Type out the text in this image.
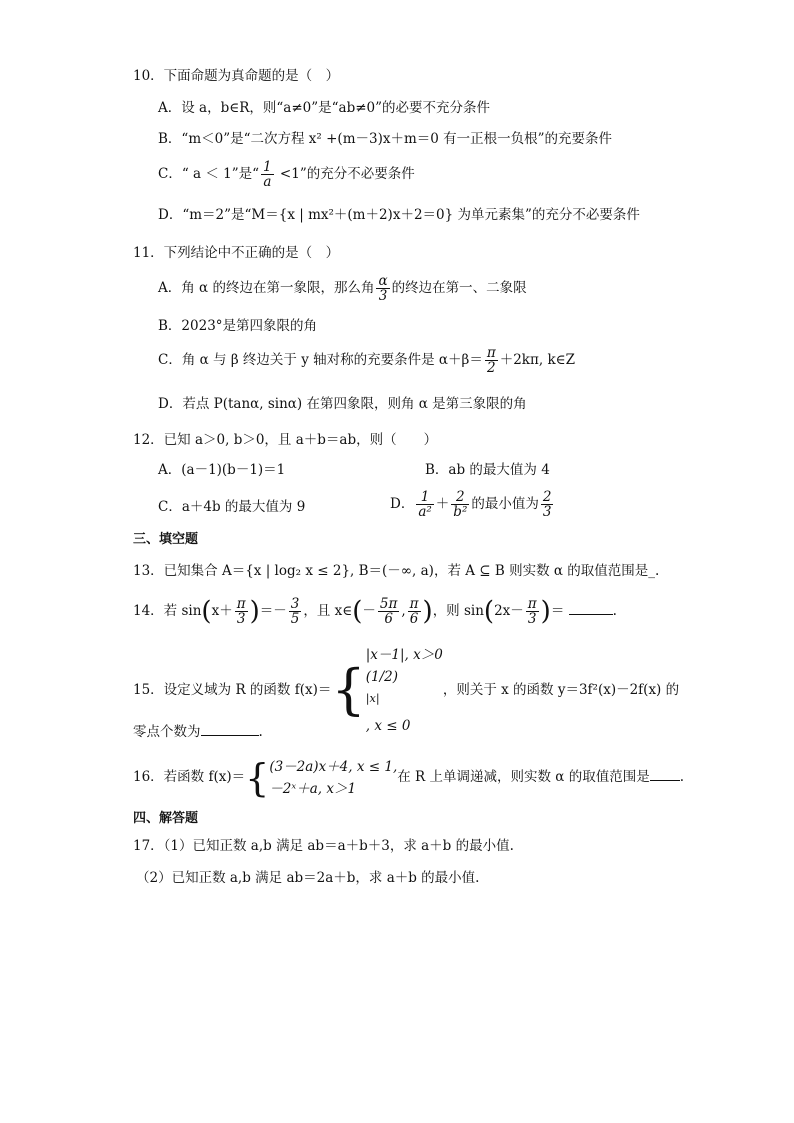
10．下面命题为真命题的是（　）
A．设 a，b∈R，则“a≠0”是“ab≠0”的必要不充分条件
B．“m＜0”是“二次方程 x² +(m－3)x＋m＝0 有一正根一负根”的充要条件
C．“ a ＜ 1”是“ $\frac{1}{a} <1$”的充分不必要条件
D．“m＝2”是“M＝{x | mx²＋(m＋2)x＋2＝0} 为单元素集”的充分不必要条件
11．下列结论中不正确的是（　）
A．角 α 的终边在第一象限，那么角 $\frac{\alpha}{3}$ 的终边在第一、二象限
B．2023°是第四象限的角
C．角 α 与 β 终边关于 y 轴对称的充要条件是 $\alpha+\beta= \frac{\pi}{2} +2k\pi$, k∈Z
D．若点 P(tanα, sinα) 在第四象限，则角 α 是第三象限的角
12．已知 a＞0, b＞0，且 a＋b＝ab，则（　　）
A．(a－1)(b－1)＝1	B．ab 的最大值为 4
C．a＋4b 的最大值为 9	D． $\frac{1}{\text{a²}} + \frac{2}{\text{b²}}$ 的最小值为 $\frac{2}{3}$
三、填空题
13．已知集合 A＝{x | log₂ x ≤ 2}, B＝(－∞, a)，若 A ⊆ B 则实数 α 的取值范围是_.
14．若 $\sin(x+ \frac{\pi}{3}$ )＝－ $\frac{3}{5}$ ，且 x∈(－ $\frac{5\pi}{6}$ , $\frac{\pi}{6}$ )，则 $\sin(2x- \frac{\pi}{3}$ )＝	.
15．设定义域为 R 的函数 f(x)＝{
|x－1|, x＞0
(1/2)
$^{|x|}$
, x ≤ 0
，则关于 x 的函数 y＝3f²(x)－2f(x) 的
零点个数为	.
16．若函数 f(x)＝{ (3－2a)x＋4, x ≤ 1,
－2ˣ＋a, x＞1
在 R 上单调递减，则实数 α 的取值范围是 .
四、解答题
17．（1）已知正数 a,b 满足 ab＝a＋b＋3，求 a＋b 的最小值.
（2）已知正数 a,b 满足 ab＝2a＋b，求 a＋b 的最小值.
